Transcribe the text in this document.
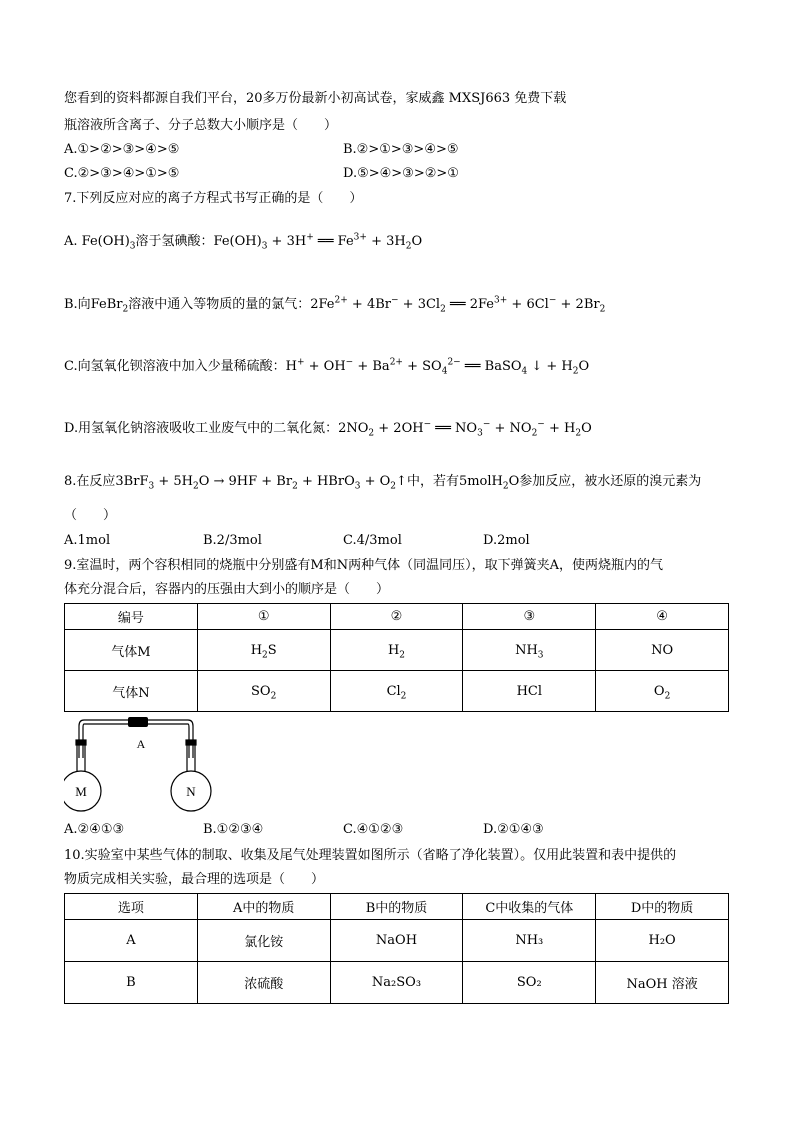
您看到的资料都源自我们平台，20多万份最新小初高试卷，家威鑫 MXSJ663 免费下载
瓶溶液所含离子、分子总数大小顺序是（　　）
A.①>②>③>④>⑤	B.②>①>③>④>⑤
C.②>③>④>①>⑤	D.⑤>④>③>②>①
7.下列反应对应的离子方程式书写正确的是（　　）
A. $Fe(OH)_3$溶于氢碘酸：$Fe(OH)_3 + 3H^+$ ══ $Fe^{3+} + 3H_2O$
B.向FeBr$_2$溶液中通入等物质的量的氯气：$2Fe^{2+} + 4Br^- + 3Cl_2$ ══ $2Fe^{3+} + 6Cl^- + 2Br_2$
C.向氢氧化钡溶液中加入少量稀硫酸：$H^+ + OH^- + Ba^{2+} + SO_4^{2-}$ ══ BaSO$_4$ ↓ + $H_2O$
D.用氢氧化钠溶液吸收工业废气中的二氧化氮：$2NO_2 + 2OH^-$ ══ $NO_3^- + NO_2^- + H_2O$
8.在反应$3BrF_3 + 5H_2O \to 9HF + Br_2$ + HBrO$_3$ + $O_2↑$中，若有5molH$_2$O参加反应，被水还原的溴元素为
（　　）
A.1mol	B.2/3mol	C.4/3mol	D.2mol
9.室温时，两个容积相同的烧瓶中分别盛有M和N两种气体（同温同压），取下弹簧夹A，使两烧瓶内的气
体充分混合后，容器内的压强由大到小的顺序是（　　）
编号	①	②	③	④
气体M	$H_2S$	$H_2$	$NH_3$	NO
气体N	$SO_2$	$Cl_2$	HCl	$O_2$
A
M	N
A.②④①③	B.①②③④	C.④①②③	D.②①④③
10.实验室中某些气体的制取、收集及尾气处理装置如图所示（省略了净化装置）。仅用此装置和表中提供的
物质完成相关实验，最合理的选项是（　　）
选项	A中的物质	B中的物质	C中收集的气体	D中的物质
A	氯化铵	NaOH	NH₃	H₂O
B	浓硫酸	Na₂SO₃	SO₂	NaOH 溶液
